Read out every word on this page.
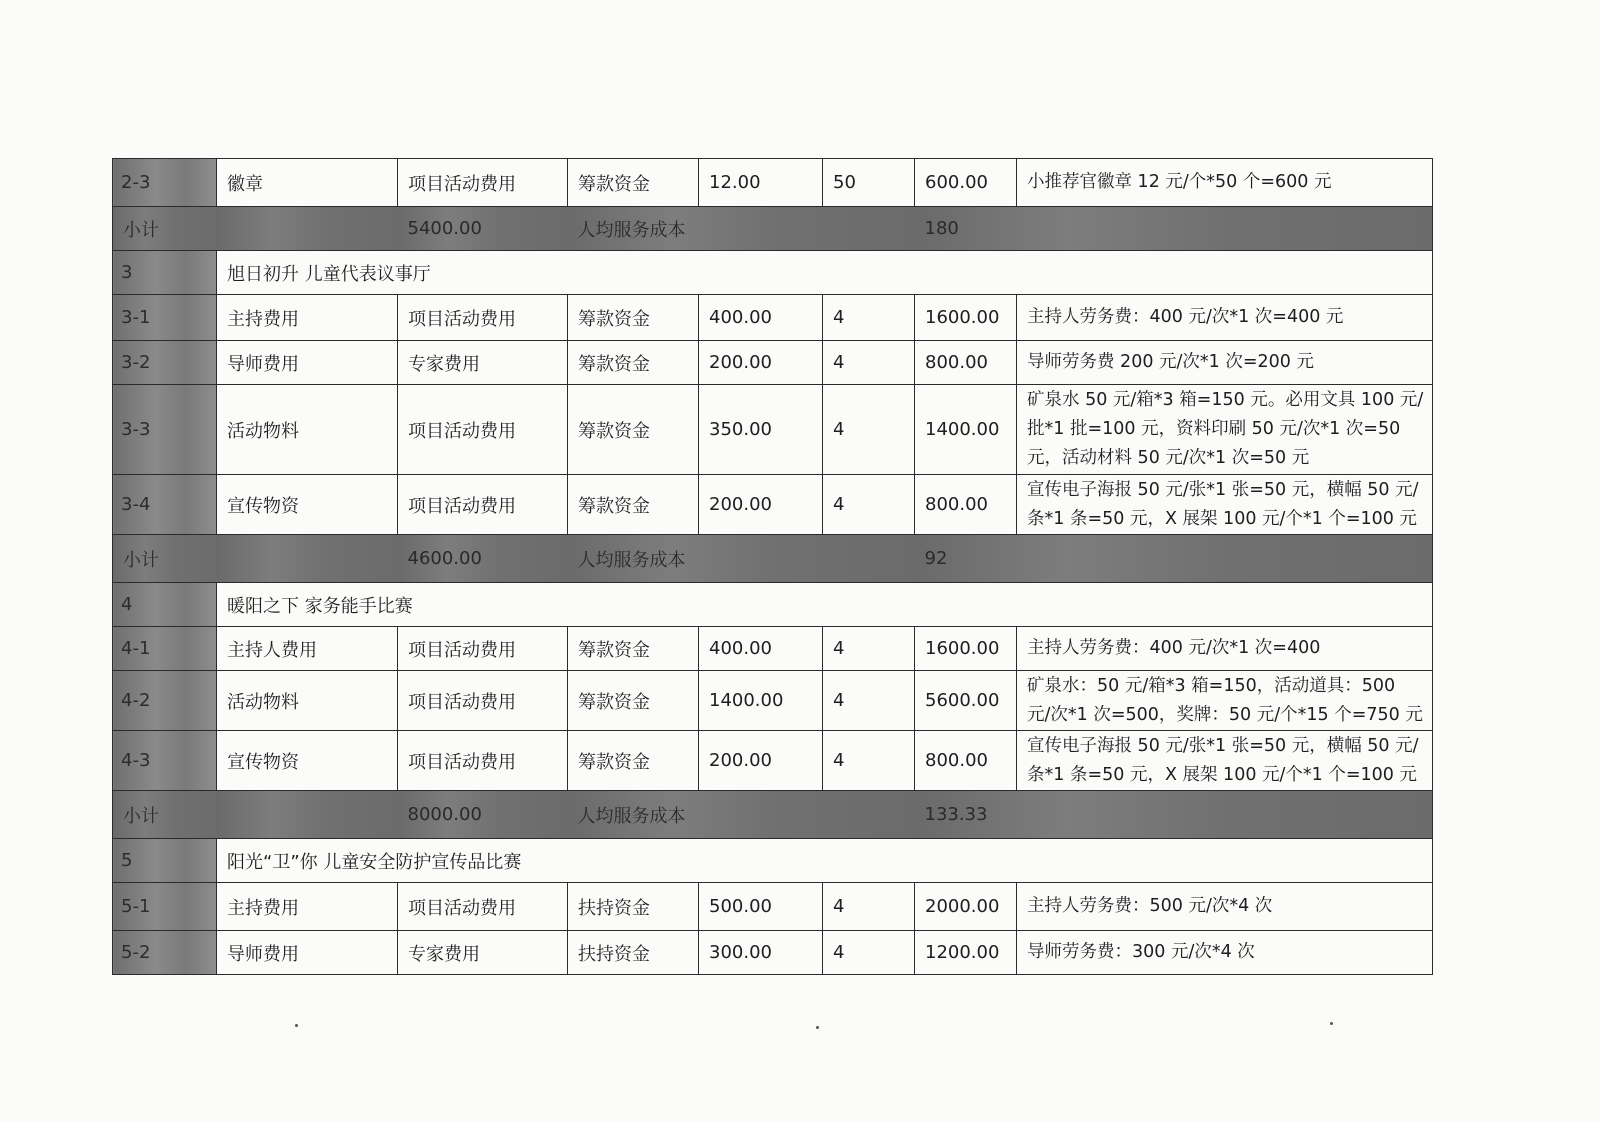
2-3	徽章	项目活动费用	筹款资金	12.00	50	600.00	小推荐官徽章 12 元/个*50 个=600 元
小计		5400.00	人均服务成本			180	
3	旭日初升 儿童代表议事厅						
3-1	主持费用	项目活动费用	筹款资金	400.00	4	1600.00	主持人劳务费：400 元/次*1 次=400 元
3-2	导师费用	专家费用	筹款资金	200.00	4	800.00	导师劳务费 200 元/次*1 次=200 元
3-3	活动物料	项目活动费用	筹款资金	350.00	4	1400.00	矿泉水 50 元/箱*3 箱=150 元。必用文具 100 元/批*1 批=100 元，资料印刷 50 元/次*1 次=50 元，活动材料 50 元/次*1 次=50 元
3-4	宣传物资	项目活动费用	筹款资金	200.00	4	800.00	宣传电子海报 50 元/张*1 张=50 元，横幅 50 元/条*1 条=50 元，X 展架 100 元/个*1 个=100 元
小计		4600.00	人均服务成本			92	
4	暖阳之下 家务能手比赛						
4-1	主持人费用	项目活动费用	筹款资金	400.00	4	1600.00	主持人劳务费：400 元/次*1 次=400
4-2	活动物料	项目活动费用	筹款资金	1400.00	4	5600.00	矿泉水：50 元/箱*3 箱=150，活动道具：500 元/次*1 次=500，奖牌：50 元/个*15 个=750 元
4-3	宣传物资	项目活动费用	筹款资金	200.00	4	800.00	宣传电子海报 50 元/张*1 张=50 元，横幅 50 元/条*1 条=50 元，X 展架 100 元/个*1 个=100 元
小计		8000.00	人均服务成本			133.33	
5	阳光“卫”你 儿童安全防护宣传品比赛						
5-1	主持费用	项目活动费用	扶持资金	500.00	4	2000.00	主持人劳务费：500 元/次*4 次
5-2	导师费用	专家费用	扶持资金	300.00	4	1200.00	导师劳务费：300 元/次*4 次
